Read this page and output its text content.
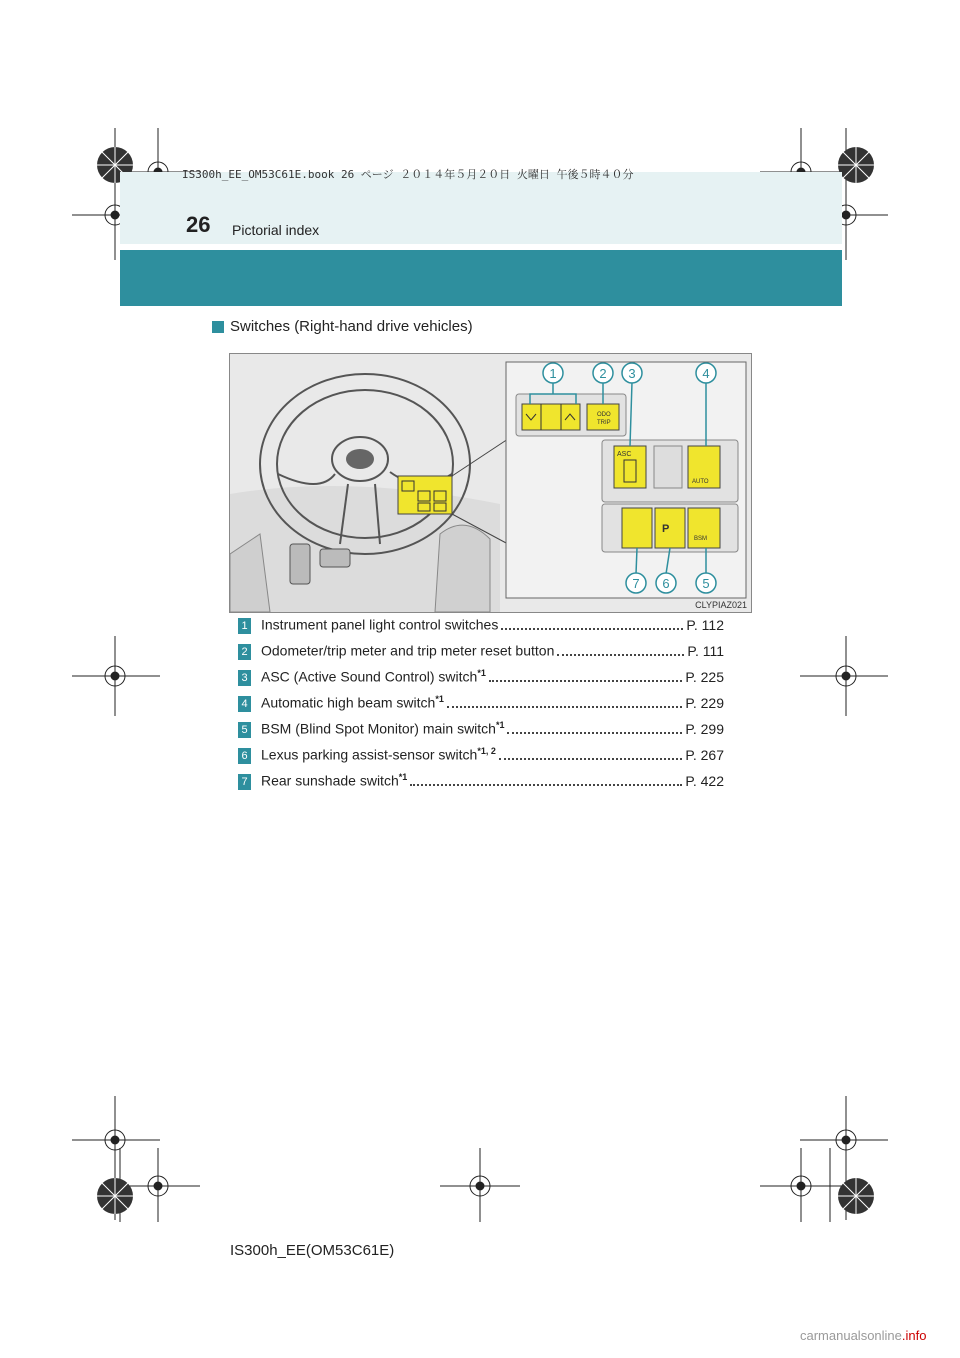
IS300h_EE_OM53C61E.book 26 ページ ２０１４年５月２０日 火曜日 午後５時４０分
26 Pictorial index
Switches (Right-hand drive vehicles)
ODO
TRIP
ASC
AUTO
BSM
P
1	2 3	4
5
6
7
CLYPIAZ021
1 Instrument panel light control switches	P. 112
2 Odometer/trip meter and trip meter reset button	P. 111
3 ASC (Active Sound Control) switch$^{*1}$	P. 225
4 Automatic high beam switch$^{*1}$	P. 229
5 BSM (Blind Spot Monitor) main switch$^{*1}$	P. 299
6 Lexus parking assist-sensor switch$^{*1, 2}$	P. 267
7 Rear sunshade switch$^{*1}$	P. 422
IS300h_EE(OM53C61E)
carmanualsonline.info
